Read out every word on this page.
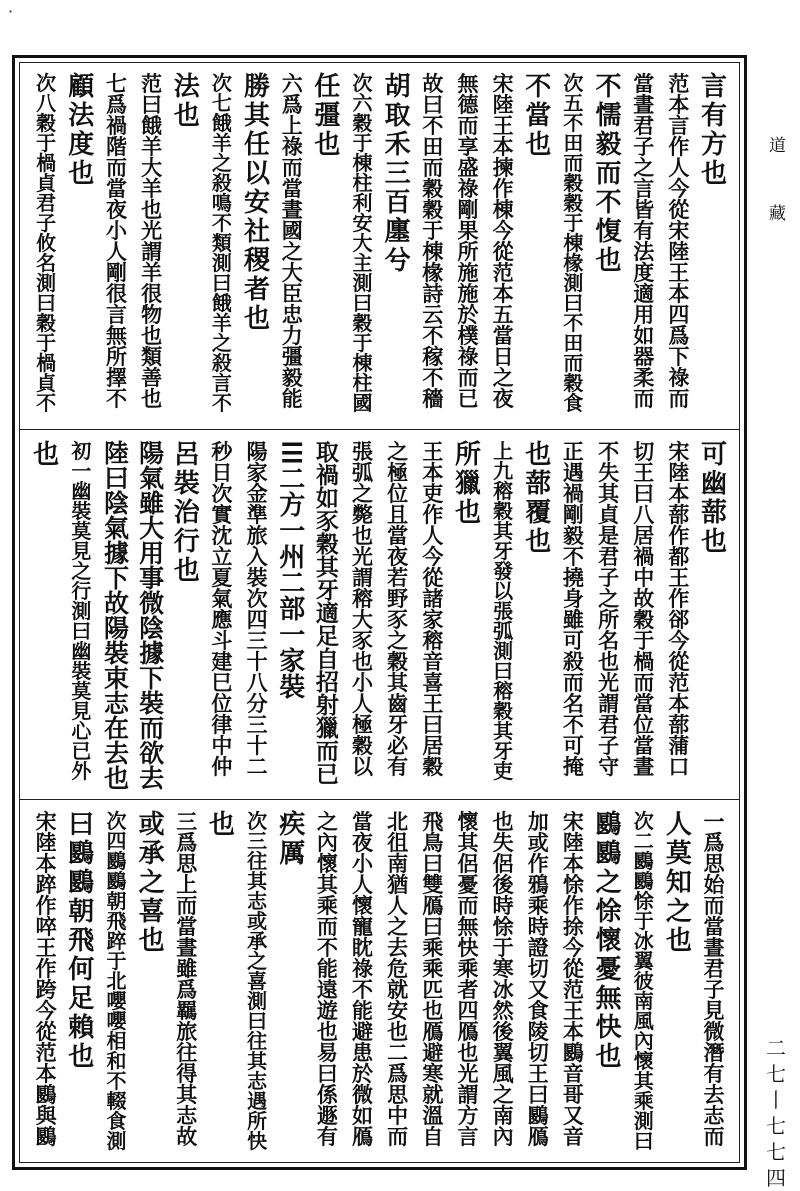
·
言
有
方
也
范
本
言
作
人
今
從
宋
陸
王
本
四
爲
下
祿
而
當
晝
君
子
之
言
皆
有
法
度
適
用
如
器
柔
而
不
懦
毅
而
不
愎
也
次
五
不
田
而
穀
穀
于
棟
椽
測
曰
不
田
而
穀
食
不
當
也
宋
陸
王
本
揀
作
棟
今
從
范
本
五
當
日
之
夜
無
德
而
享
盛
祿
剛
果
所
施
施
於
樸
祿
而
已
故
曰
不
田
而
穀
穀
于
棟
椽
詩
云
不
稼
不
穡
胡
取
禾
三
百
廛
兮
次
六
穀
于
棟
柱
利
安
大
主
測
曰
穀
于
棟
柱
國
任
彊
也
六
爲
上
祿
而
當
晝
國
之
大
臣
忠
力
彊
毅
能
勝
其
任
以
安
社
稷
者
也
次
七
餓
羊
之
殺
鳴
不
類
測
曰
餓
羊
之
殺
言
不
法
也
范
曰
餓
羊
大
羊
也
光
謂
羊
很
物
也
類
善
也
七
爲
禍
階
而
當
夜
小
人
剛
很
言
無
所
擇
不
顧
法
度
也
次
八
穀
于
楇
貞
君
子
攸
名
測
曰
穀
于
楇
貞
不
可
幽
蔀
也
宋
陸
本
蔀
作
都
王
作
郤
今
從
范
本
蔀
蒲
口
切
王
曰
八
居
禍
中
故
穀
于
楇
而
當
位
當
晝
不
失
其
貞
是
君
子
之
所
名
也
光
謂
君
子
守
正
遇
禍
剛
毅
不
撓
身
雖
可
殺
而
名
不
可
掩
也
蔀
覆
也
上
九
穃
穀
其
牙
發
以
張
弧
測
曰
穃
穀
其
牙
吏
所
獵
也
王
本
吏
作
人
今
從
諸
家
穃
音
喜
王
曰
居
穀
之
極
位
且
當
夜
若
野
豕
之
穀
其
齒
牙
必
有
張
弧
之
斃
也
光
謂
穃
大
豕
也
小
人
極
穀
以
取
禍
如
豕
穀
其
牙
適
足
自
招
射
獵
而
已
☰
二
方
一
州
二
部
一
家
裝
陽
家
金
準
旅
入
裝
次
四
三
十
八
分
三
十
二
秒
日
次
實
沈
立
夏
氣
應
斗
建
巳
位
律
中
仲
呂
裝
治
行
也
陽
氣
雖
大
用
事
微
陰
據
下
裝
而
欲
去
陸
曰
陰
氣
據
下
故
陽
裝
束
志
在
去
也
初
一
幽
裝
莫
見
之
行
測
曰
幽
裝
莫
見
心
已
外
也
一
爲
思
始
而
當
晝
君
子
見
微
潛
有
去
志
而
人
莫
知
之
也
次
二
鶠
鶠
悇
于
冰
翼
彼
南
風
內
懷
其
乘
測
曰
鶠
鶠
之
悇
懷
憂
無
快
也
宋
陸
本
悇
作
捈
今
從
范
王
本
鶠
音
哥
又
音
加
或
作
鴉
乘
時
證
切
又
食
陵
切
王
曰
鶠
鴈
也
失
侶
後
時
悇
于
寒
冰
然
後
翼
風
之
南
內
懷
其
侶
憂
而
無
快
乘
者
四
鴈
也
光
謂
方
言
飛
鳥
曰
雙
鴈
曰
乘
乘
匹
也
鴈
避
寒
就
溫
自
北
徂
南
猶
人
之
去
危
就
安
也
二
爲
思
中
而
當
夜
小
人
懷
寵
眈
祿
不
能
避
患
於
微
如
鴈
之
內
懷
其
乘
而
不
能
遠
遊
也
易
曰
係
遯
有
疾
厲
次
三
往
其
志
或
承
之
喜
測
曰
往
其
志
遇
所
快
也
三
爲
思
上
而
當
晝
雖
爲
羈
旅
往
得
其
志
故
或
承
之
喜
也
次
四
鶠
鶠
朝
飛
踤
于
北
嚶
嚶
相
和
不
輟
食
測
曰
鶠
鶠
朝
飛
何
足
賴
也
宋
陸
本
踤
作
啐
王
作
跨
今
從
范
本
鶠
與
鶠
道
藏
二
七
丨
七
七
四
